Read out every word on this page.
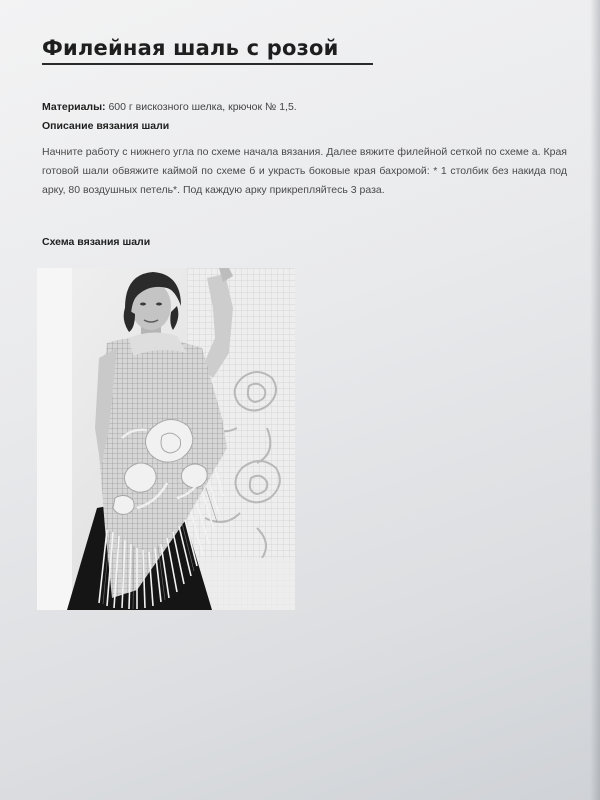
Филейная шаль с розой
Материалы: 600 г вискозного шелка, крючок № 1,5.
Описание вязания шали

Начните работу с нижнего угла по схеме начала вязания. Далее вяжите филейной сеткой по схеме а. Края готовой шали обвяжите каймой по схеме б и украсть боковые края бахромой: * 1 столбик без накида под арку, 80 воздушных петель*. Под каждую арку прикрепляйтесь 3 раза.

Схема вязания шали
